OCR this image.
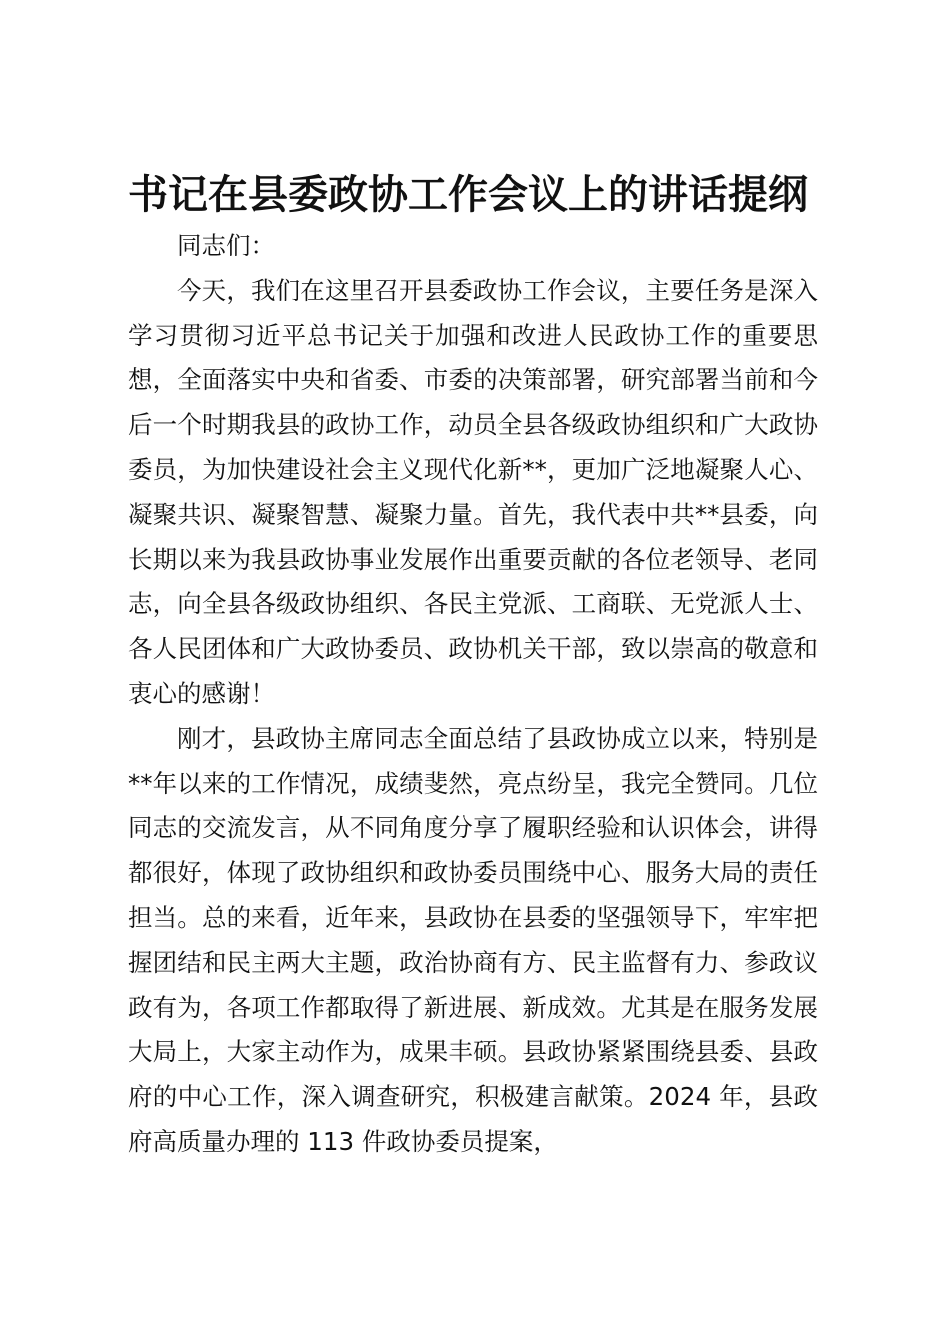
书记在县委政协工作会议上的讲话提纲

同志们：

今天，我们在这里召开县委政协工作会议，主要任务是深入学习贯彻习近平总书记关于加强和改进人民政协工作的重要思想，全面落实中央和省委、市委的决策部署，研究部署当前和今后一个时期我县的政协工作，动员全县各级政协组织和广大政协委员，为加快建设社会主义现代化新**，更加广泛地凝聚人心、凝聚共识、凝聚智慧、凝聚力量。首先，我代表中共**县委，向长期以来为我县政协事业发展作出重要贡献的各位老领导、老同志，向全县各级政协组织、各民主党派、工商联、无党派人士、各人民团体和广大政协委员、政协机关干部，致以崇高的敬意和衷心的感谢！

刚才，县政协主席同志全面总结了县政协成立以来，特别是**年以来的工作情况，成绩斐然，亮点纷呈，我完全赞同。几位同志的交流发言，从不同角度分享了履职经验和认识体会，讲得都很好，体现了政协组织和政协委员围绕中心、服务大局的责任担当。总的来看，近年来，县政协在县委的坚强领导下，牢牢把握团结和民主两大主题，政治协商有方、民主监督有力、参政议政有为，各项工作都取得了新进展、新成效。尤其是在服务发展大局上，大家主动作为，成果丰硕。县政协紧紧围绕县委、县政府的中心工作，深入调查研究，积极建言献策。2024 年，县政府高质量办理的 113 件政协委员提案，
